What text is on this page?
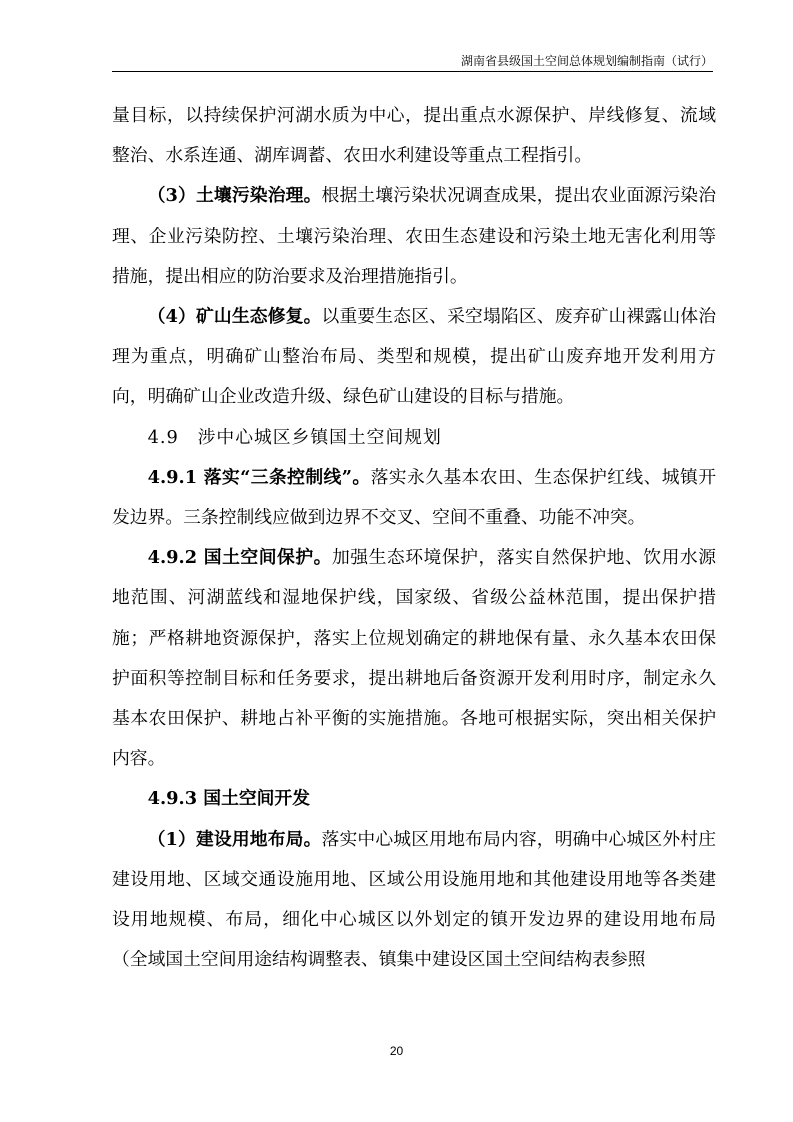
湖南省县级国土空间总体规划编制指南（试行）

量目标，以持续保护河湖水质为中心，提出重点水源保护、岸线修复、流域整治、水系连通、湖库调蓄、农田水利建设等重点工程指引。

（3）土壤污染治理。根据土壤污染状况调查成果，提出农业面源污染治理、企业污染防控、土壤污染治理、农田生态建设和污染土地无害化利用等措施，提出相应的防治要求及治理措施指引。

（4）矿山生态修复。以重要生态区、采空塌陷区、废弃矿山裸露山体治理为重点，明确矿山整治布局、类型和规模，提出矿山废弃地开发利用方向，明确矿山企业改造升级、绿色矿山建设的目标与措施。

4.9　涉中心城区乡镇国土空间规划

4.9.1 落实“三条控制线”。落实永久基本农田、生态保护红线、城镇开发边界。三条控制线应做到边界不交叉、空间不重叠、功能不冲突。

4.9.2 国土空间保护。加强生态环境保护，落实自然保护地、饮用水源地范围、河湖蓝线和湿地保护线，国家级、省级公益林范围，提出保护措施；严格耕地资源保护，落实上位规划确定的耕地保有量、永久基本农田保护面积等控制目标和任务要求，提出耕地后备资源开发利用时序，制定永久基本农田保护、耕地占补平衡的实施措施。各地可根据实际，突出相关保护内容。

4.9.3 国土空间开发

（1）建设用地布局。落实中心城区用地布局内容，明确中心城区外村庄建设用地、区域交通设施用地、区域公用设施用地和其他建设用地等各类建设用地规模、布局，细化中心城区以外划定的镇开发边界的建设用地布局（全域国土空间用途结构调整表、镇集中建设区国土空间结构表参照

20
